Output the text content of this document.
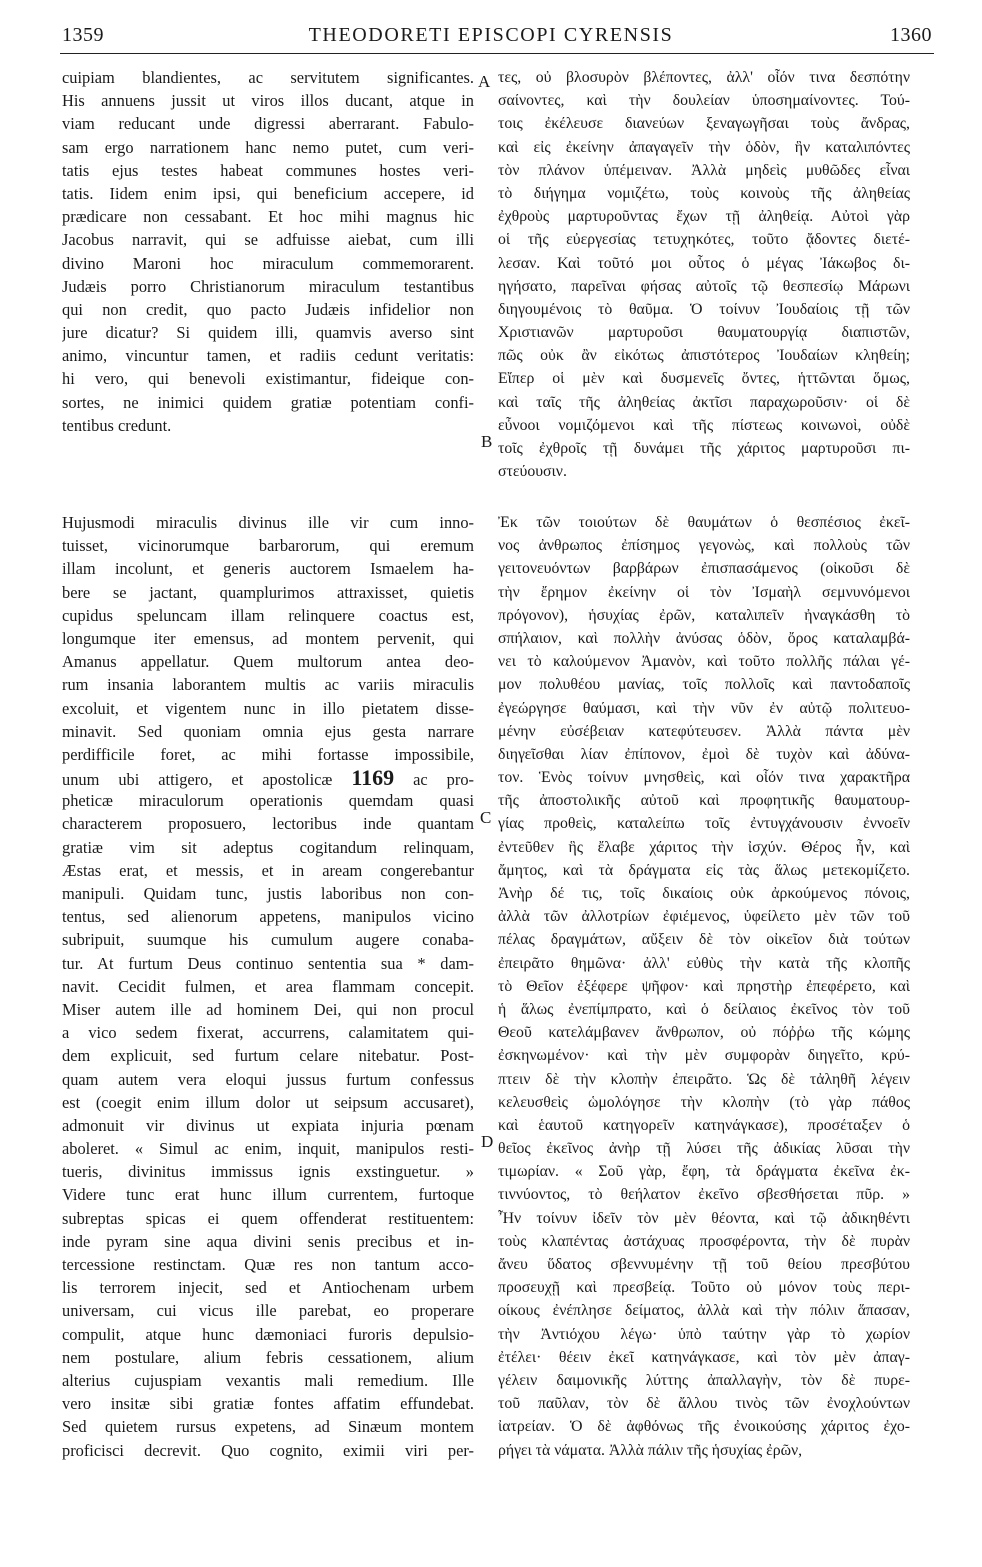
1359	THEODORETI EPISCOPI CYRENSIS	1360
cuipiam blandientes, ac servitutem significantes.
His annuens jussit ut viros illos ducant, atque in
viam reducant unde digressi aberrarant. Fabulo-
sam ergo narrationem hanc nemo putet, cum veri-
tatis ejus testes habeat communes hostes veri-
tatis. Iidem enim ipsi, qui beneficium accepere, id
prædicare non cessabant. Et hoc mihi magnus hic
Jacobus narravit, qui se adfuisse aiebat, cum illi
divino Maroni hoc miraculum commemorarent.
Judæis porro Christianorum miraculum testantibus
qui non credit, quo pacto Judæis infidelior non
jure dicatur? Si quidem illi, quamvis averso sint
animo, vincuntur tamen, et radiis cedunt veritatis:
hi vero, qui benevoli existimantur, fideique con-
sortes, ne inimici quidem gratiæ potentiam confi-
tentibus credunt.
Hujusmodi miraculis divinus ille vir cum inno-
tuisset, vicinorumque barbarorum, qui eremum
illam incolunt, et generis auctorem Ismaelem ha-
bere se jactant, quamplurimos attraxisset, quietis
cupidus speluncam illam relinquere coactus est,
longumque iter emensus, ad montem pervenit, qui
Amanus appellatur. Quem multorum antea deo-
rum insania laborantem multis ac variis miraculis
excoluit, et vigentem nunc in illo pietatem disse-
minavit. Sed quoniam omnia ejus gesta narrare
perdifficile foret, ac mihi fortasse impossibile,
unum ubi attigero, et apostolicæ 1169 ac pro-
pheticæ miraculorum operationis quemdam quasi
characterem proposuero, lectoribus inde quantam
gratiæ vim sit adeptus cogitandum relinquam,
Æstas erat, et messis, et in aream congerebantur
manipuli. Quidam tunc, justis laboribus non con-
tentus, sed alienorum appetens, manipulos vicino
subripuit, suumque his cumulum augere conaba-
tur. At furtum Deus continuo sententia sua * dam-
navit. Cecidit fulmen, et area flammam concepit.
Miser autem ille ad hominem Dei, qui non procul
a vico sedem fixerat, accurrens, calamitatem qui-
dem explicuit, sed furtum celare nitebatur. Post-
quam autem vera eloqui jussus furtum confessus
est (coegit enim illum dolor ut seipsum accusaret),
admonuit vir divinus ut expiata injuria pœnam
aboleret. « Simul ac enim, inquit, manipulos resti-
tueris, divinitus immissus ignis exstinguetur. »
Videre tunc erat hunc illum currentem, furtoque
subreptas spicas ei quem offenderat restituentem:
inde pyram sine aqua divini senis precibus et in-
tercessione restinctam. Quæ res non tantum acco-
lis terrorem injecit, sed et Antiochenam urbem
universam, cui vicus ille parebat, eo properare
compulit, atque hunc dæmoniaci furoris depulsio-
nem postulare, alium febris cessationem, alium
alterius cujuspiam vexantis mali remedium. Ille
vero insitæ sibi gratiæ fontes affatim effundebat.
Sed quietem rursus expetens, ad Sinæum montem
proficisci decrevit. Quo cognito, eximii viri per-
τες, οὐ βλοσυρὸν βλέποντες, ἀλλ' οἷόν τινα δεσπότην
σαίνοντες, καὶ τὴν δουλείαν ὑποσημαίνοντες. Τού-
τοις ἐκέλευσε διανεύων ξεναγωγῆσαι τοὺς ἄνδρας,
καὶ εἰς ἐκείνην ἀπαγαγεῖν τὴν ὁδὸν, ἣν καταλιπόντες
τὸν πλάνον ὑπέμειναν. Ἀλλὰ μηδεὶς μυθῶδες εἶναι
τὸ διήγημα νομιζέτω, τοὺς κοινοὺς τῆς ἀληθείας
ἐχθροὺς μαρτυροῦντας ἔχων τῇ ἀληθείᾳ. Αὐτοὶ γὰρ
οἱ τῆς εὐεργεσίας τετυχηκότες, τοῦτο ᾄδοντες διετέ-
λεσαν. Καὶ τοῦτό μοι οὗτος ὁ μέγας Ἰάκωβος δι-
ηγήσατο, παρεῖναι φήσας αὐτοῖς τῷ θεσπεσίῳ Μάρωνι
διηγουμένοις τὸ θαῦμα. Ὁ τοίνυν Ἰουδαίοις τῇ τῶν
Χριστιανῶν μαρτυροῦσι θαυματουργίᾳ διαπιστῶν,
πῶς οὐκ ἂν εἰκότως ἀπιστότερος Ἰουδαίων κληθείη;
Εἴπερ οἱ μὲν καὶ δυσμενεῖς ὄντες, ἡττῶνται ὅμως,
καὶ ταῖς τῆς ἀληθείας ἀκτῖσι παραχωροῦσιν· οἱ δὲ
εὖνοοι νομιζόμενοι καὶ τῆς πίστεως κοινωνοὶ, οὐδὲ
τοῖς ἐχθροῖς τῇ δυνάμει τῆς χάριτος μαρτυροῦσι πι-
στεύουσιν.
Ἐκ τῶν τοιούτων δὲ θαυμάτων ὁ θεσπέσιος ἐκεῖ-
νος ἀνθρωπος ἐπίσημος γεγονὼς, καὶ πολλοὺς τῶν
γειτονευόντων βαρβάρων ἐπισπασάμενος (οἰκοῦσι δὲ
τὴν ἔρημον ἐκείνην οἱ τὸν Ἰσμαὴλ σεμνυνόμενοι
πρόγονον), ἡσυχίας ἐρῶν, καταλιπεῖν ἠναγκάσθη τὸ
σπήλαιον, καὶ πολλὴν ἀνύσας ὁδὸν, ὄρος καταλαμβά-
νει τὸ καλούμενον Ἀμανὸν, καὶ τοῦτο πολλῆς πάλαι γέ-
μον πολυθέου μανίας, τοῖς πολλοῖς καὶ παντοδαποῖς
ἐγεώργησε θαύμασι, καὶ τὴν νῦν ἐν αὐτῷ πολιτευο-
μένην εὐσέβειαν κατεφύτευσεν. Ἀλλὰ πάντα μὲν
διηγεῖσθαι λίαν ἐπίπονον, ἐμοὶ δὲ τυχὸν καὶ ἀδύνα-
τον. Ἑνὸς τοίνυν μνησθεὶς, καὶ οἷόν τινα χαρακτῆρα
τῆς ἀποστολικῆς αὐτοῦ καὶ προφητικῆς θαυματουρ-
γίας προθεὶς, καταλείπω τοῖς ἐντυγχάνουσιν ἐννοεῖν
ἐντεῦθεν ἣς ἔλαβε χάριτος τὴν ἰσχύν. Θέρος ἦν, καὶ
ἄμητος, καὶ τὰ δράγματα εἰς τὰς ἅλως μετεκομίζετο.
Ἀνὴρ δέ τις, τοῖς δικαίοις οὐκ ἀρκούμενος πόνοις,
ἀλλὰ τῶν ἀλλοτρίων ἐφιέμενος, ὑφείλετο μὲν τῶν τοῦ
πέλας δραγμάτων, αὔξειν δὲ τὸν οἰκεῖον διὰ τούτων
ἐπειρᾶτο θημῶνα· ἀλλ' εὐθὺς τὴν κατὰ τῆς κλοπῆς
τὸ Θεῖον ἐξέφερε ψῆφον· καὶ πρηστὴρ ἐπεφέρετο, καὶ
ἡ ἅλως ἐνεπίμπρατο, καὶ ὁ δείλαιος ἐκεῖνος τὸν τοῦ
Θεοῦ κατελάμβανεν ἄνθρωπον, οὐ πόῤῥω τῆς κώμης
ἐσκηνωμένον· καὶ τὴν μὲν συμφορὰν διηγεῖτο, κρύ-
πτειν δὲ τὴν κλοπὴν ἐπειρᾶτο. Ὡς δὲ τἀληθῆ λέγειν
κελευσθεὶς ὡμολόγησε τὴν κλοπὴν (τὸ γὰρ πάθος
καὶ ἑαυτοῦ κατηγορεῖν κατηνάγκασε), προσέταξεν ὁ
θεῖος ἐκεῖνος ἀνὴρ τῇ λύσει τῆς ἀδικίας λῦσαι τὴν
τιμωρίαν. « Σοῦ γὰρ, ἔφη, τὰ δράγματα ἐκεῖνα ἐκ-
τιννύοντος, τὸ θεήλατον ἐκεῖνο σβεσθήσεται πῦρ. »
Ἦν τοίνυν ἰδεῖν τὸν μὲν θέοντα, καὶ τῷ ἀδικηθέντι
τοὺς κλαπέντας ἀστάχυας προσφέροντα, τὴν δὲ πυρὰν
ἄνευ ὕδατος σβεννυμένην τῇ τοῦ θείου πρεσβύτου
προσευχῇ καὶ πρεσβείᾳ. Τοῦτο οὐ μόνον τοὺς περι-
οίκους ἐνέπλησε δείματος, ἀλλὰ καὶ τὴν πόλιν ἅπασαν,
τὴν Ἀντιόχου λέγω· ὑπὸ ταύτην γὰρ τὸ χωρίον
ἐτέλει· θέειν ἐκεῖ κατηνάγκασε, καὶ τὸν μὲν ἀπαγ-
γέλειν δαιμονικῆς λύττης ἀπαλλαγὴν, τὸν δὲ πυρε-
τοῦ παῦλαν, τὸν δὲ ἄλλου τινὸς τῶν ἐνοχλούντων
ἰατρείαν. Ὁ δὲ ἀφθόνως τῆς ἐνοικούσης χάριτος ἐχο-
ρήγει τὰ νάματα. Ἀλλὰ πάλιν τῆς ἡσυχίας ἐρῶν,
A
B
C
D
